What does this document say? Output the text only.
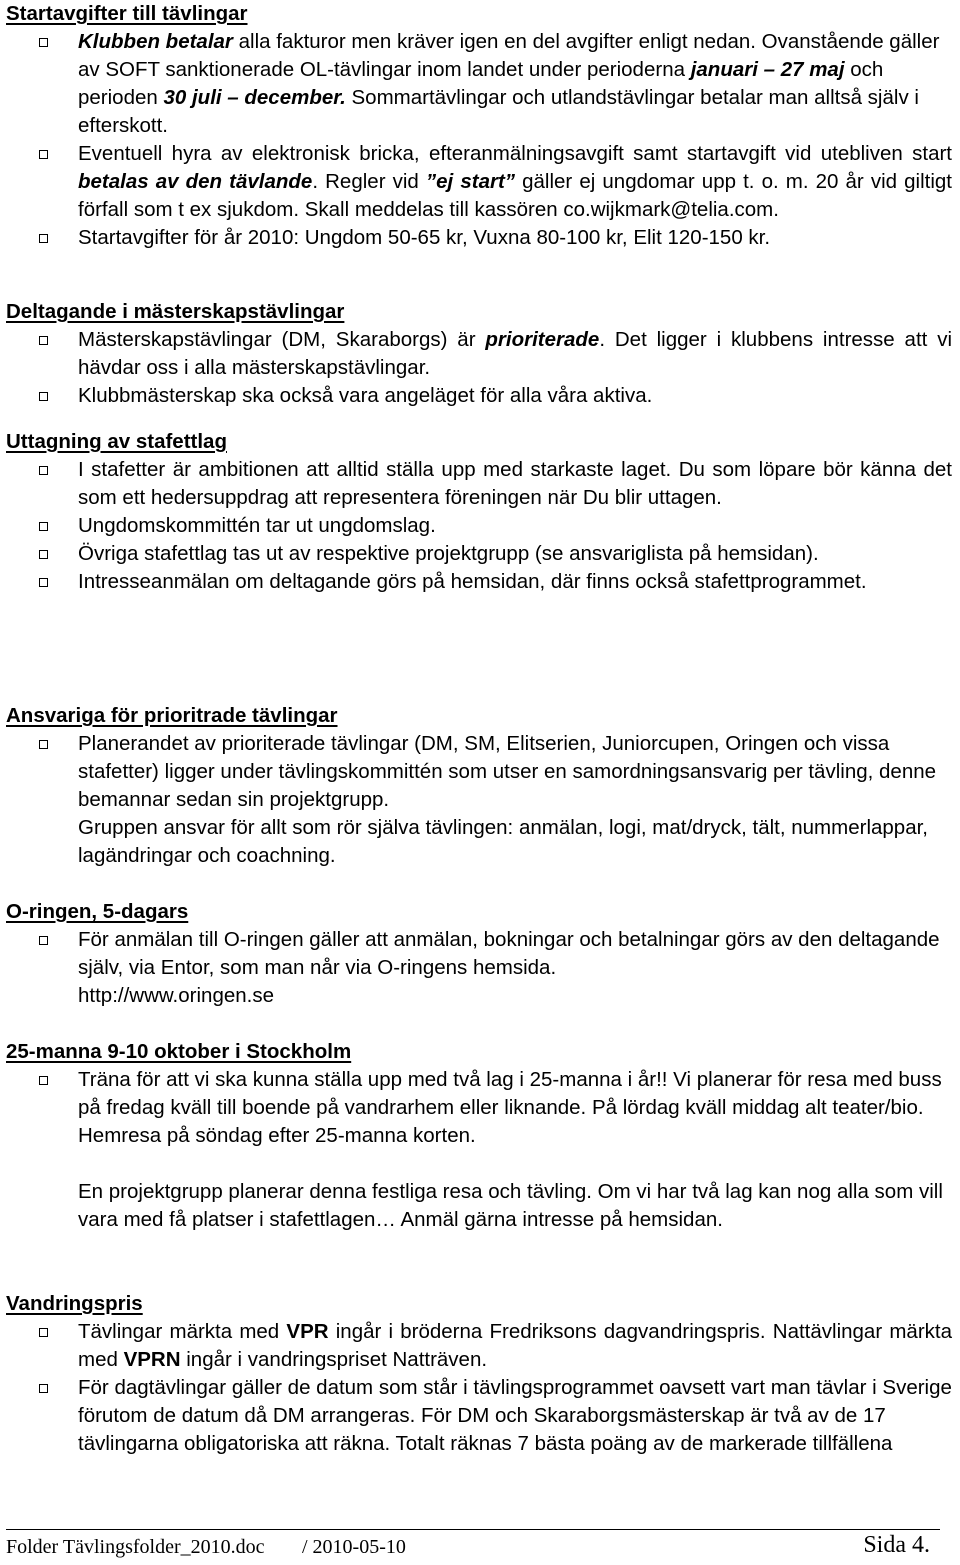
Startavgifter till tävlingar

Klubben betalar alla fakturor men kräver igen en del avgifter enligt nedan. Ovanstående gäller av SOFT sanktionerade OL-tävlingar inom landet under perioderna januari – 27 maj och perioden 30 juli – december. Sommartävlingar och utlandstävlingar betalar man alltså själv i efterskott.

Eventuell hyra av elektronisk bricka, efteranmälningsavgift samt startavgift vid utebliven start betalas av den tävlande. Regler vid ”ej start” gäller ej ungdomar upp t. o. m. 20 år vid giltigt förfall som t ex sjukdom. Skall meddelas till kassören co.wijkmark@telia.com.

Startavgifter för år 2010: Ungdom 50-65 kr, Vuxna 80-100 kr, Elit 120-150 kr.

Deltagande i mästerskapstävlingar

Mästerskapstävlingar (DM, Skaraborgs) är prioriterade. Det ligger i klubbens intresse att vi hävdar oss i alla mästerskapstävlingar.

Klubbmästerskap ska också vara angeläget för alla våra aktiva.

Uttagning av stafettlag

I stafetter är ambitionen att alltid ställa upp med starkaste laget. Du som löpare bör känna det som ett hedersuppdrag att representera föreningen när Du blir uttagen.

Ungdomskommittén tar ut ungdomslag.

Övriga stafettlag tas ut av respektive projektgrupp (se ansvariglista på hemsidan).

Intresseanmälan om deltagande görs på hemsidan, där finns också stafettprogrammet.

Ansvariga för prioritrade tävlingar

Planerandet av prioriterade tävlingar (DM, SM, Elitserien, Juniorcupen, Oringen och vissa stafetter) ligger under tävlingskommittén som utser en samordningsansvarig per tävling, denne bemannar sedan sin projektgrupp.

Gruppen ansvar för allt som rör själva tävlingen: anmälan, logi, mat/dryck, tält, nummerlappar, lagändringar och coachning.

O-ringen, 5-dagars

För anmälan till O-ringen gäller att anmälan, bokningar och betalningar görs av den deltagande själv, via Entor, som man når via O-ringens hemsida.

http://www.oringen.se

25-manna 9-10 oktober i Stockholm

Träna för att vi ska kunna ställa upp med två lag i 25-manna i år!! Vi planerar för resa med buss på fredag kväll till boende på vandrarhem eller liknande. På lördag kväll middag alt teater/bio. Hemresa på söndag efter 25-manna korten.

En projektgrupp planerar denna festliga resa och tävling. Om vi har två lag kan nog alla som vill vara med få platser i stafettlagen… Anmäl gärna intresse på hemsidan.

Vandringspris

Tävlingar märkta med VPR ingår i bröderna Fredriksons dagvandringspris. Nattävlingar märkta med VPRN ingår i vandringspriset Natträven.

För dagtävlingar gäller de datum som står i tävlingsprogrammet oavsett vart man tävlar i Sverige förutom de datum då DM arrangeras. För DM och Skaraborgsmästerskap är två av de 17 tävlingarna obligatoriska att räkna. Totalt räknas 7 bästa poäng av de markerade tillfällena

Folder Tävlingsfolder_2010.doc / 2010-05-10	Sida 4.
